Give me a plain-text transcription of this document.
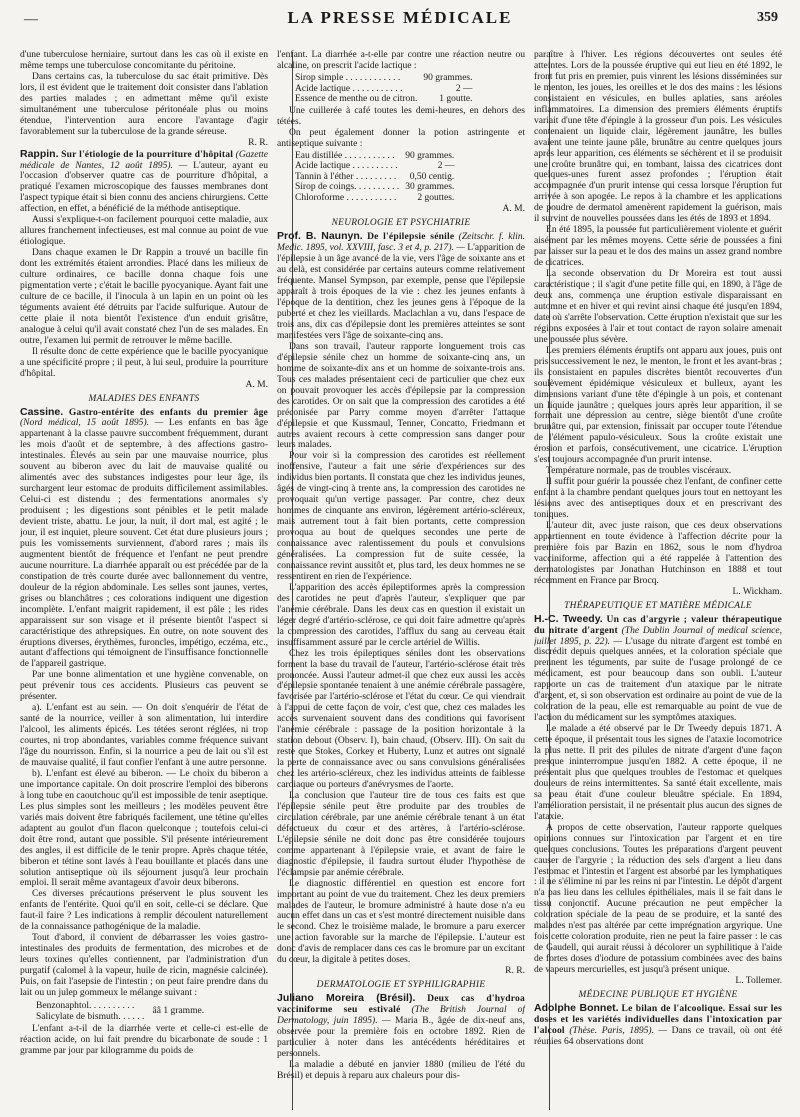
—	LA PRESSE MÉDICALE	359

d'une tuberculose herniaire, surtout dans les cas où il existe en même temps une tuberculose concomitante du péritoine.

Dans certains cas, la tuberculose du sac était primitive. Dès lors, il est évident que le traitement doit consister dans l'ablation des parties malades ; en admettant même qu'il existe simultanément une tuberculose péritonéale plus ou moins étendue, l'intervention aura encore l'avantage d'agir favorablement sur la tuberculose de la grande séreuse.

R. R.

Rappin. Sur l'étiologie de la pourriture d'hôpital (Gazette médicale de Nantes, 12 août 1895). — L'auteur, ayant eu l'occasion d'observer quatre cas de pourriture d'hôpital, a pratiqué l'examen microscopique des fausses membranes dont l'aspect typique était si bien connu des anciens chirurgiens. Cette affection, en effet, a bénéficié de la méthode antiseptique.

Aussi s'explique-t-on facilement pourquoi cette maladie, aux allures franchement infectieuses, est mal connue au point de vue étiologique.

Dans chaque examen le Dr Rappin a trouvé un bacille fin dont les extrémités étaient arrondies. Placé dans les milieux de culture ordinaires, ce bacille donna chaque fois une pigmentation verte ; c'était le bacille pyocyanique. Ayant fait une culture de ce bacille, il l'inocula à un lapin en un point où les téguments avaient été détruits par l'acide sulfurique. Autour de cette plaie il nota bientôt l'existence d'un enduit grisâtre, analogue à celui qu'il avait constaté chez l'un de ses malades. En outre, l'examen lui permit de retrouver le même bacille.

Il résulte donc de cette expérience que le bacille pyocyanique a une spécificité propre ; il peut, à lui seul, produire la pourriture d'hôpital.

A. M.

MALADIES DES ENFANTS

Cassine. Gastro-entérite des enfants du premier âge (Nord médical, 15 août 1895). — Les enfants en bas âge appartenant à la classe pauvre succombent fréquemment, durant les mois d'août et de septembre, à des affections gastro-intestinales. Élevés au sein par une mauvaise nourrice, plus souvent au biberon avec du lait de mauvaise qualité ou alimentés avec des substances indigestes pour leur âge, ils surchargent leur estomac de produits difficilement assimilables. Celui-ci est distendu ; des fermentations anormales s'y produisent ; les digestions sont pénibles et le petit malade devient triste, abattu. Le jour, la nuit, il dort mal, est agité ; le jour, il est inquiet, pleure souvent. Cet état dure plusieurs jours ; puis les vomissements surviennent, d'abord rares ; mais ils augmentent bientôt de fréquence et l'enfant ne peut prendre aucune nourriture. La diarrhée apparaît ou est précédée par de la constipation de très courte durée avec ballonnement du ventre, douleur de la région abdominale. Les selles sont jaunes, vertes, grises ou blanchâtres ; ces colorations indiquent une digestion incomplète. L'enfant maigrit rapidement, il est pâle ; les rides apparaissent sur son visage et il présente bientôt l'aspect si caractéristique des athrepsiques. En outre, on note souvent des éruptions diverses, érythèmes, furoncles, impétigo, eczéma, etc., autant d'affections qui témoignent de l'insuffisance fonctionnelle de l'appareil gastrique.

Par une bonne alimentation et une hygiène convenable, on peut prévenir tous ces accidents. Plusieurs cas peuvent se présenter.

a). L'enfant est au sein. — On doit s'enquérir de l'état de santé de la nourrice, veiller à son alimentation, lui interdire l'alcool, les aliments épicés. Les tétées seront réglées, ni trop courtes, ni trop abondantes, variables comme fréquence suivant l'âge du nourrisson. Enfin, si la nourrice a peu de lait ou s'il est de mauvaise qualité, il faut confier l'enfant à une autre personne.

b). L'enfant est élevé au biberon. — Le choix du biberon a une importance capitale. On doit proscrire l'emploi des biberons à long tube en caoutchouc qu'il est impossible de tenir aseptique. Les plus simples sont les meilleurs ; les modèles peuvent être variés mais doivent être fabriqués facilement, une tétine qu'elles adaptent au goulot d'un flacon quelconque ; toutefois celui-ci doit être rond, autant que possible. S'il présente intérieurement des angles, il est difficile de le tenir propre. Après chaque tétée, biberon et tétine sont lavés à l'eau bouillante et placés dans une solution antiseptique où ils séjournent jusqu'à leur prochain emploi. Il serait même avantageux d'avoir deux biberons.

Ces diverses précautions préservent le plus souvent les enfants de l'entérite. Quoi qu'il en soit, celle-ci se déclare. Que faut-il faire ? Les indications à remplir découlent naturellement de la connaissance pathogénique de la maladie.

Tout d'abord, il convient de débarrasser les voies gastro-intestinales des produits de fermentation, des microbes et de leurs toxines qu'elles contiennent, par l'administration d'un purgatif (calomel à la vapeur, huile de ricin, magnésie calcinée). Puis, on fait l'asepsie de l'intestin ; on peut faire prendre dans du lait ou un julep gommeux le mélange suivant :

Benzonaphtol. . . . . . . . . .
Salicylate de bismuth. . . . . . ââ 1 gramme.

L'enfant a-t-il de la diarrhée verte et celle-ci est-elle de réaction acide, on lui fait prendre du bicarbonate de soude : 1 gramme par jour par kilogramme du poids de

l'enfant. La diarrhée a-t-elle par contre une réaction neutre ou alcaline, on prescrit l'acide lactique :

Sirop simple . . . . . . . . . . . .	90 grammes.
Acide lactique . . . . . . . . . . .	2 —
Essence de menthe ou de citron.	1 goutte.

Une cuillerée à café toutes les demi-heures, en dehors des tétées.

On peut également donner la potion astringente et antiseptique suivante :

Eau distillée . . . . . . . . . . .	90 grammes.
Acide lactique . . . . . . . . . .	2 —
Tannin à l'éther . . . . . . . . .	0,50 centig.
Sirop de coings. . . . . . . . . .	30 grammes.
Chloroforme . . . . . . . . . . .	2 gouttes.

A. M.

NEUROLOGIE ET PSYCHIATRIE

Prof. B. Naunyn. De l'épilepsie sénile (Zeitschr. f. klin. Medic. 1895, vol. XXVIII, fasc. 3 et 4, p. 217). — L'apparition de l'épilepsie à un âge avancé de la vie, vers l'âge de soixante ans et au delà, est considérée par certains auteurs comme relativement fréquente. Mansel Sympson, par exemple, pense que l'épilepsie apparaît à trois époques de la vie : chez les jeunes enfants à l'époque de la dentition, chez les jeunes gens à l'époque de la puberté et chez les vieillards. Maclachlan a vu, dans l'espace de trois ans, dix cas d'épilepsie dont les premières atteintes se sont manifestées vers l'âge de soixante-cinq ans.

Dans son travail, l'auteur rapporte longuement trois cas d'épilepsie sénile chez un homme de soixante-cinq ans, un homme de soixante-dix ans et un homme de soixante-trois ans. Tous ces malades présentaient ceci de particulier que chez eux on pouvait provoquer les accès d'épilepsie par la compression des carotides. Or on sait que la compression des carotides a été préconisée par Parry comme moyen d'arrêter l'attaque d'épilepsie et que Kussmaul, Tenner, Concatto, Friedmann et autres avaient recours à cette compression sans danger pour leurs malades.

Pour voir si la compression des carotides est réellement inoffensive, l'auteur a fait une série d'expériences sur des individus bien portants. Il constata que chez les individus jeunes, âgés de vingt-cinq à trente ans, la compression des carotides ne provoquait qu'un vertige passager. Par contre, chez deux hommes de cinquante ans environ, légèrement artério-scléreux, mais autrement tout à fait bien portants, cette compression provoqua au bout de quelques secondes une perte de connaissance avec ralentissement du pouls et convulsions généralisées. La compression fut de suite cessée, la connaissance revint aussitôt et, plus tard, les deux hommes ne se ressentirent en rien de l'expérience.

L'apparition des accès épileptiformes après la compression des carotides ne peut d'après l'auteur, s'expliquer que par l'anémie cérébrale. Dans les deux cas en question il existait un léger degré d'artério-sclérose, ce qui doit faire admettre qu'après la compression des carotides, l'afflux du sang au cerveau était insuffisamment assuré par le cercle artériel de Willis.

Chez les trois épileptiques séniles dont les observations forment la base du travail de l'auteur, l'artério-sclérose était très prononcée. Aussi l'auteur admet-il que chez eux aussi les accès d'épilepsie spontanée tenaient à une anémie cérébrale passagère, favorisée par l'artério-sclérose et l'état du cœur. Ce qui viendrait à l'appui de cette façon de voir, c'est que, chez ces malades les accès survenaient souvent dans des conditions qui favorisent l'anémie cérébrale : passage de la position horizontale à la station debout (Observ. I), bain chaud, (Observ. III). On sait du reste que Stokes, Corkey et Huberty, Lunz et autres ont signalé la perte de connaissance avec ou sans convulsions généralisées chez les artério-scléreux, chez les individus atteints de faiblesse cardiaque ou porteurs d'anévrysmes de l'aorte.

La conclusion que l'auteur tire de tous ces faits est que l'épilepsie sénile peut être produite par des troubles de circulation cérébrale, par une anémie cérébrale tenant à un état défectueux du cœur et des artères, à l'artério-sclérose. L'épilepsie sénile ne doit donc pas être considérée toujours comme appartenant à l'épilepsie vraie, et avant de faire le diagnostic d'épilepsie, il faudra surtout éluder l'hypothèse de l'éclampsie par anémie cérébrale.

Le diagnostic différentiel en question est encore fort important au point de vue du traitement. Chez les deux premiers malades de l'auteur, le bromure administré à haute dose n'a eu aucun effet dans un cas et s'est montré directement nuisible dans le second. Chez le troisième malade, le bromure a paru exercer une action favorable sur la marche de l'épilepsie. L'auteur est donc d'avis de remplacer dans ces cas le bromure par un excitant du cœur, la digitale à petites doses.

R. R.

DERMATOLOGIE ET SYPHILIGRAPHIE

Juliano Moreira (Brésil). Deux cas d'hydroa vacciniforme seu estivalé (The British Journal of Dermatology, juin 1895). — Maria B., âgée de dix-neuf ans, observée pour la première fois en octobre 1892. Rien de particulier à noter dans les antécédents héréditaires et personnels.

La maladie a débuté en janvier 1880 (milieu de l'été du Brésil) et depuis à reparu aux chaleurs pour dis-

paraître à l'hiver. Les régions découvertes ont seules été atteintes. Lors de la poussée éruptive qui eut lieu en été 1892, le front fut pris en premier, puis vinrent les lésions disséminées sur le menton, les joues, les oreilles et le dos des mains : les lésions consistaient en vésicules, en bulles aplaties, sans aréoles inflammatoires. La dimension des premiers éléments éruptifs variait d'une tête d'épingle à la grosseur d'un pois. Les vésicules contenaient un liquide clair, légèrement jaunâtre, les bulles avaient une teinte jaune pâle, brunâtre au centre quelques jours après leur apparition, ces éléments se séchèrent et il se produisit une croûte brunâtre qui, en tombant, laissa des cicatrices dont quelques-unes furent assez profondes ; l'éruption était accompagnée d'un prurit intense qui cessa lorsque l'éruption fut arrivée à son apogée. Le repos à la chambre et les applications de poudre de dermatol amenèrent rapidement la guérison, mais il survint de nouvelles poussées dans les étés de 1893 et 1894.

En été 1895, la poussée fut particulièrement violente et guérit aisément par les mêmes moyens. Cette série de poussées a fini par laisser sur la peau et le dos des mains un assez grand nombre de cicatrices.

La seconde observation du Dr Moreira est tout aussi caractéristique ; il s'agit d'une petite fille qui, en 1890, à l'âge de deux ans, commença une éruption estivale disparaissant en automne et en hiver et qui revint ainsi chaque été jusqu'en 1894, date où s'arrête l'observation. Cette éruption n'existait que sur les régions exposées à l'air et tout contact de rayon solaire amenait une poussée plus sévère.

Les premiers éléments éruptifs ont apparu aux joues, puis ont pris successivement le nez, le menton, le front et les avant-bras ; ils consistaient en papules discrètes bientôt recouvertes d'un soulèvement épidémique vésiculeux et bulleux, ayant les dimensions variant d'une tête d'épingle à un pois, et contenant un liquide jaunâtre ; quelques jours après leur apparition, il se formait une dépression au centre, siège bientôt d'une croûte brunâtre qui, par extension, finissait par occuper toute l'étendue de l'élément papulo-vésiculeux. Sous la croûte existait une érosion et parfois, consécutivement, une cicatrice. L'éruption s'est toujours accompagnée d'un prurit intense.

Température normale, pas de troubles viscéraux.

Il suffit pour guérir la poussée chez l'enfant, de confiner cette enfant à la chambre pendant quelques jours tout en nettoyant les lésions avec des antiseptiques doux et en prescrivant des toniques.

L'auteur dit, avec juste raison, que ces deux observations appartiennent en toute évidence à l'affection décrite pour la première fois par Bazin en 1862, sous le nom d'hydroa vacciniforme, affection qui a été rappelée à l'attention des dermatologistes par Jonathan Hutchinson en 1888 et tout récemment en France par Brocq.

L. Wickham.

THÉRAPEUTIQUE ET MATIÈRE MÉDICALE

H.-C. Tweedy. Un cas d'argyrie ; valeur thérapeutique du nitrate d'argent (The Dublin Journal of medical science, juillet 1895, p. 22). — L'usage du nitrate d'argent est tombé en discrédit depuis quelques années, et la coloration spéciale que prennent les téguments, par suite de l'usage prolongé de ce médicament, est pour beaucoup dans son oubli. L'auteur rapporte un cas de traitement d'un ataxique par le nitrate d'argent, et, si son observation est ordinaire au point de vue de la coloration de la peau, elle est remarquable au point de vue de l'action du médicament sur les symptômes ataxiques.

Le malade a été observé par le Dr Tweedy depuis 1871. A cette époque, il présentait tous les signes de l'ataxie locomotrice la plus nette. Il prit des pilules de nitrate d'argent d'une façon presque ininterrompue jusqu'en 1882. A cette époque, il ne présentait plus que quelques troubles de l'estomac et quelques douleurs de reins intermittentes. Sa santé était excellente, mais sa peau était d'une couleur bleuâtre spéciale. En 1894, l'amélioration persistait, il ne présentait plus aucun des signes de l'ataxie.

A propos de cette observation, l'auteur rapporte quelques opinions connues sur l'intoxication par l'argent et en tire quelques conclusions. Toutes les préparations d'argent peuvent causer de l'argyrie ; la réduction des sels d'argent a lieu dans l'estomac et l'intestin et l'argent est absorbé par les lymphatiques : il ne s'élimine ni par les reins ni par l'intestin. Le dépôt d'argent n'a pas lieu dans les cellules épithéliales, mais il se fait dans le tissu conjonctif. Aucune précaution ne peut empêcher la coloration spéciale de la peau de se produire, et la santé des malades n'est pas altérée par cette imprégnation argyrique. Une fois cette coloration produite, rien ne peut la faire passer : le cas de Gaudell, qui aurait réussi à décolorer un syphilitique à l'aide de fortes doses d'iodure de potassium combinées avec des bains de vapeurs mercurielles, est jusqu'à présent unique.

L. Tollemer.

MÉDECINE PUBLIQUE ET HYGIÈNE

Adolphe Bonnet. Le bilan de l'alcoolique. Essai sur les doses et les variétés individuelles dans l'intoxication par l'alcool (Thèse. Paris, 1895). — Dans ce travail, où ont été réunies 64 observations dont
